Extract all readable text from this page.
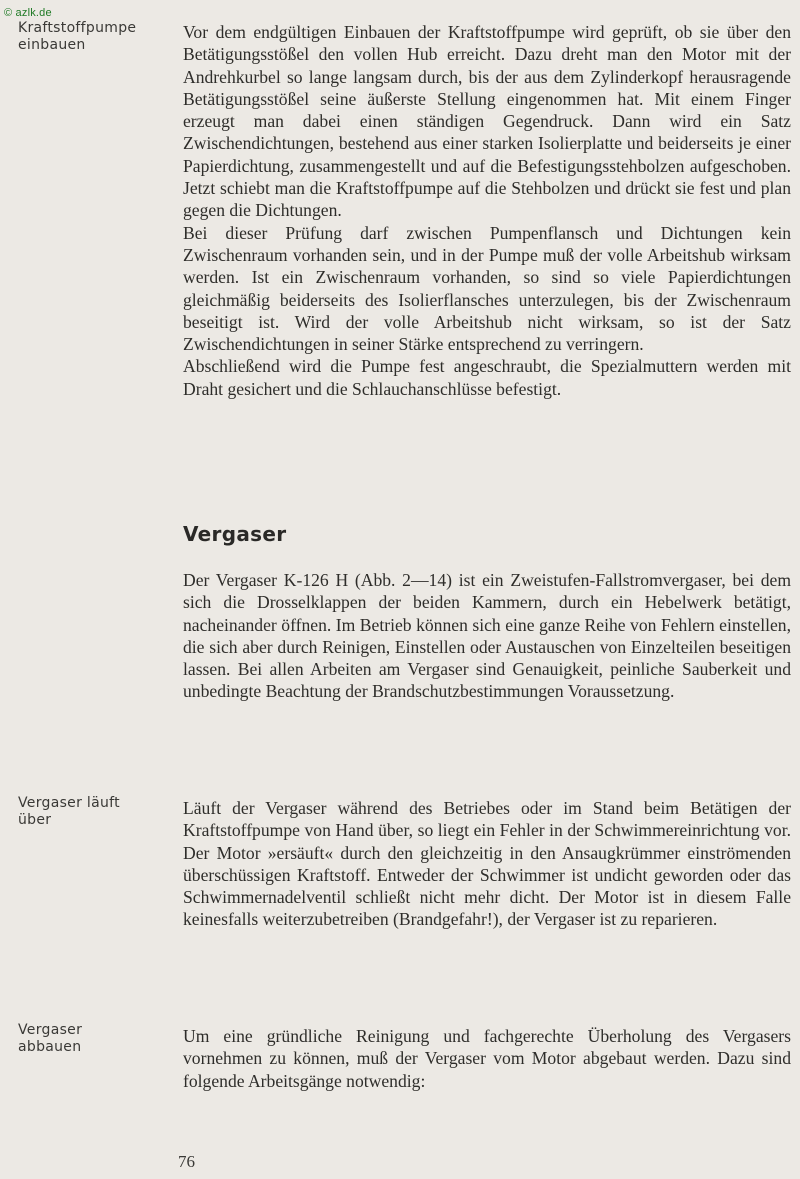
© azlk.de
Kraftstoffpumpe
einbauen

Vor dem endgültigen Einbauen der Kraftstoffpumpe wird geprüft, ob sie über den Betätigungsstößel den vollen Hub erreicht. Dazu dreht man den Motor mit der Andrehkurbel so lange langsam durch, bis der aus dem Zylinderkopf herausragende Betätigungsstößel seine äußerste Stellung eingenommen hat. Mit einem Finger erzeugt man dabei einen ständigen Gegendruck. Dann wird ein Satz Zwischendichtungen, bestehend aus einer starken Isolierplatte und beiderseits je einer Papierdichtung, zusammengestellt und auf die Befestigungsstehbolzen aufgeschoben. Jetzt schiebt man die Kraftstoffpumpe auf die Stehbolzen und drückt sie fest und plan gegen die Dichtungen.

Bei dieser Prüfung darf zwischen Pumpenflansch und Dichtungen kein Zwischenraum vorhanden sein, und in der Pumpe muß der volle Arbeitshub wirksam werden. Ist ein Zwischenraum vorhanden, so sind so viele Papierdichtungen gleichmäßig beiderseits des Isolierflansches unterzulegen, bis der Zwischenraum beseitigt ist. Wird der volle Arbeitshub nicht wirksam, so ist der Satz Zwischendichtungen in seiner Stärke entsprechend zu verringern.

Abschließend wird die Pumpe fest angeschraubt, die Spezialmuttern werden mit Draht gesichert und die Schlauchanschlüsse befestigt.

Vergaser

Der Vergaser K-126 H (Abb. 2—14) ist ein Zweistufen-Fallstromvergaser, bei dem sich die Drosselklappen der beiden Kammern, durch ein Hebelwerk betätigt, nacheinander öffnen. Im Betrieb können sich eine ganze Reihe von Fehlern einstellen, die sich aber durch Reinigen, Einstellen oder Austauschen von Einzelteilen beseitigen lassen. Bei allen Arbeiten am Vergaser sind Genauigkeit, peinliche Sauberkeit und unbedingte Beachtung der Brandschutzbestimmungen Voraussetzung.

Vergaser läuft
über

Läuft der Vergaser während des Betriebes oder im Stand beim Betätigen der Kraftstoffpumpe von Hand über, so liegt ein Fehler in der Schwimmereinrichtung vor. Der Motor »ersäuft« durch den gleichzeitig in den Ansaugkrümmer einströmenden überschüssigen Kraftstoff. Entweder der Schwimmer ist undicht geworden oder das Schwimmernadelventil schließt nicht mehr dicht. Der Motor ist in diesem Falle keinesfalls weiterzubetreiben (Brandgefahr!), der Vergaser ist zu reparieren.

Vergaser
abbauen

Um eine gründliche Reinigung und fachgerechte Überholung des Vergasers vornehmen zu können, muß der Vergaser vom Motor abgebaut werden. Dazu sind folgende Arbeitsgänge notwendig:

76
